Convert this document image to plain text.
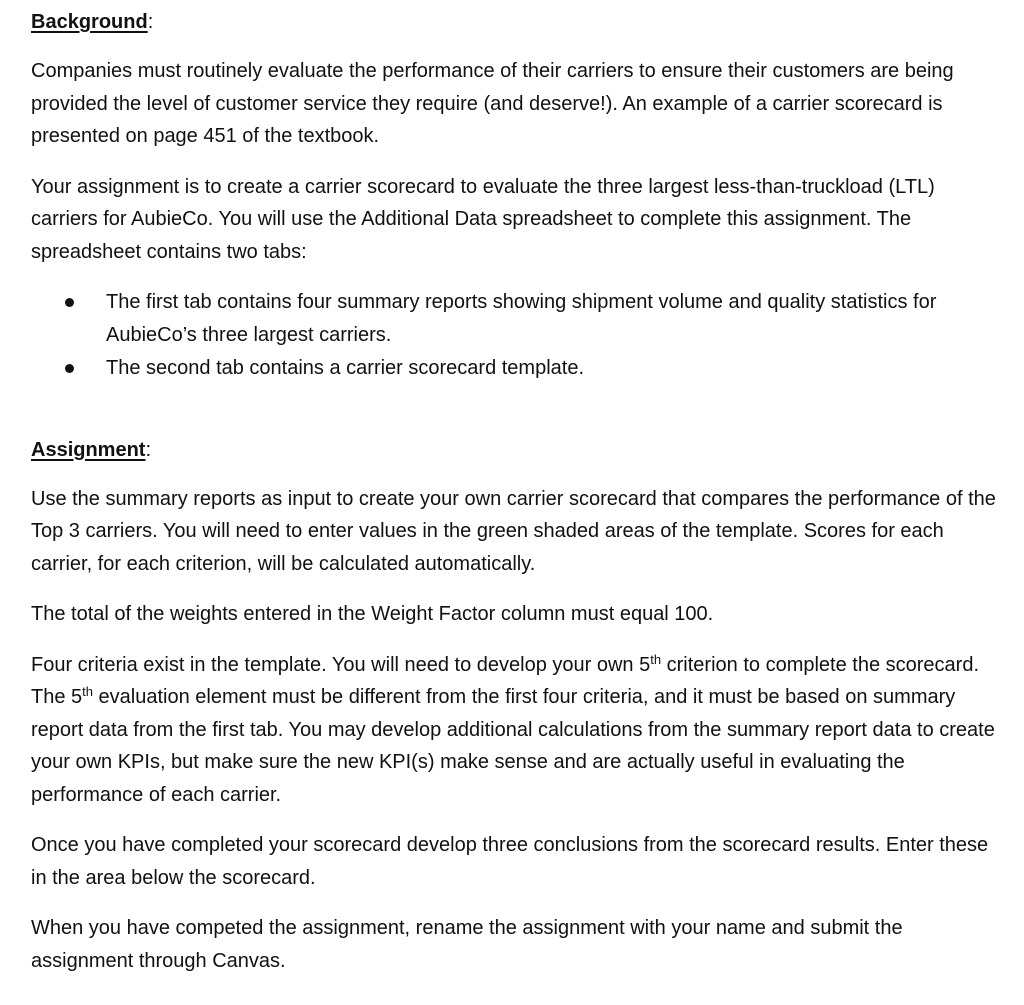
Background:

Companies must routinely evaluate the performance of their carriers to ensure their customers are being provided the level of customer service they require (and deserve!). An example of a carrier scorecard is presented on page 451 of the textbook.

Your assignment is to create a carrier scorecard to evaluate the three largest less-than-truckload (LTL) carriers for AubieCo. You will use the Additional Data spreadsheet to complete this assignment. The spreadsheet contains two tabs:

The first tab contains four summary reports showing shipment volume and quality statistics for AubieCo’s three largest carriers.
The second tab contains a carrier scorecard template.
Assignment:

Use the summary reports as input to create your own carrier scorecard that compares the performance of the Top 3 carriers. You will need to enter values in the green shaded areas of the template. Scores for each carrier, for each criterion, will be calculated automatically.

The total of the weights entered in the Weight Factor column must equal 100.

Four criteria exist in the template. You will need to develop your own 5th criterion to complete the scorecard. The 5th evaluation element must be different from the first four criteria, and it must be based on summary report data from the first tab. You may develop additional calculations from the summary report data to create your own KPIs, but make sure the new KPI(s) make sense and are actually useful in evaluating the performance of each carrier.

Once you have completed your scorecard develop three conclusions from the scorecard results. Enter these in the area below the scorecard.

When you have competed the assignment, rename the assignment with your name and submit the assignment through Canvas.
